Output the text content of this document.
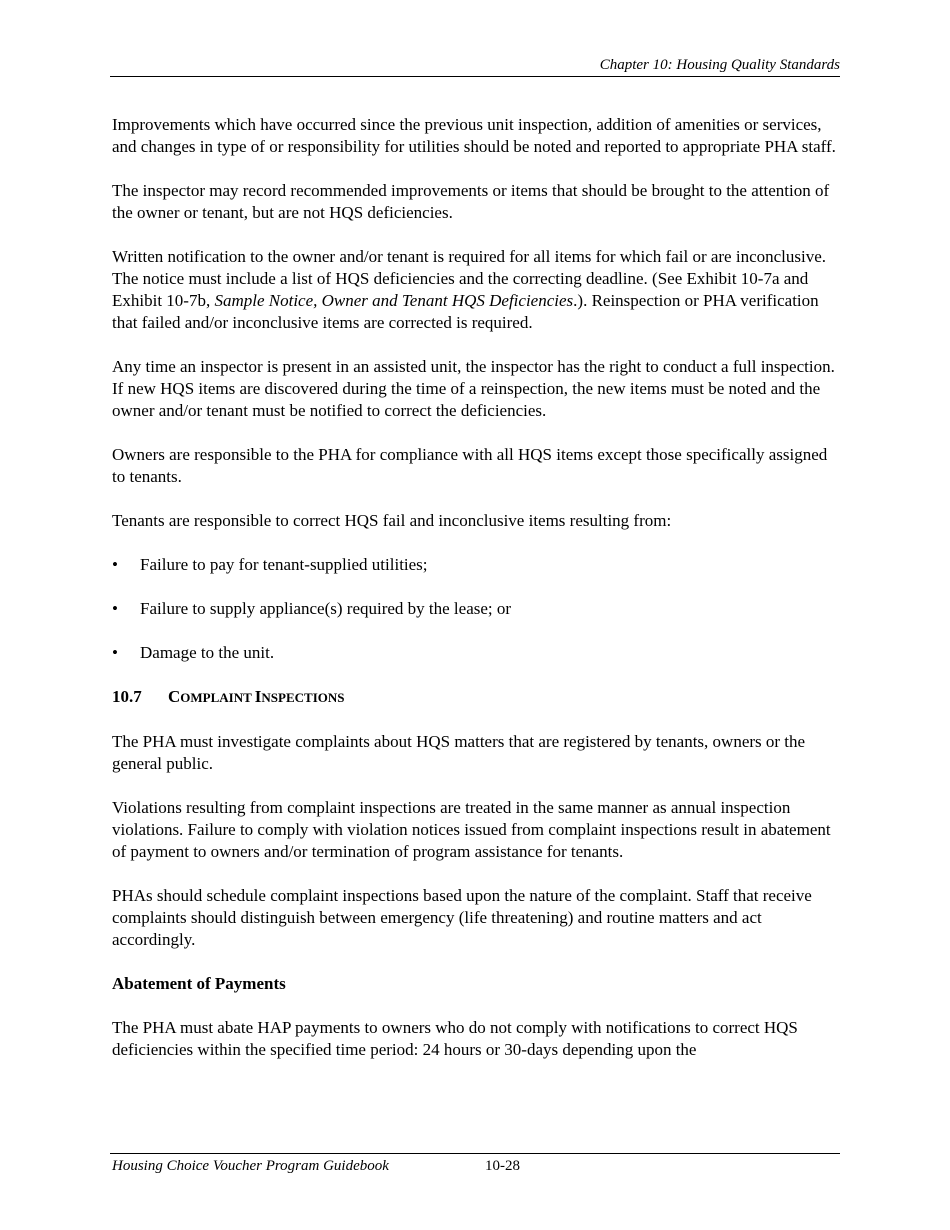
Chapter 10: Housing Quality Standards

Improvements which have occurred since the previous unit inspection, addition of amenities or services, and changes in type of or responsibility for utilities should be noted and reported to appropriate PHA staff.

The inspector may record recommended improvements or items that should be brought to the attention of the owner or tenant, but are not HQS deficiencies.

Written notification to the owner and/or tenant is required for all items for which fail or are inconclusive. The notice must include a list of HQS deficiencies and the correcting deadline. (See Exhibit 10-7a and Exhibit 10-7b, Sample Notice, Owner and Tenant HQS Deficiencies.). Reinspection or PHA verification that failed and/or inconclusive items are corrected is required.

Any time an inspector is present in an assisted unit, the inspector has the right to conduct a full inspection. If new HQS items are discovered during the time of a reinspection, the new items must be noted and the owner and/or tenant must be notified to correct the deficiencies.

Owners are responsible to the PHA for compliance with all HQS items except those specifically assigned to tenants.

Tenants are responsible to correct HQS fail and inconclusive items resulting from:

• Failure to pay for tenant-supplied utilities;
• Failure to supply appliance(s) required by the lease; or
• Damage to the unit.
10.7 COMPLAINT INSPECTIONS

The PHA must investigate complaints about HQS matters that are registered by tenants, owners or the general public.

Violations resulting from complaint inspections are treated in the same manner as annual inspection violations. Failure to comply with violation notices issued from complaint inspections result in abatement of payment to owners and/or termination of program assistance for tenants.

PHAs should schedule complaint inspections based upon the nature of the complaint. Staff that receive complaints should distinguish between emergency (life threatening) and routine matters and act accordingly.

Abatement of Payments

The PHA must abate HAP payments to owners who do not comply with notifications to correct HQS deficiencies within the specified time period: 24 hours or 30-days depending upon the

Housing Choice Voucher Program Guidebook	10-28
